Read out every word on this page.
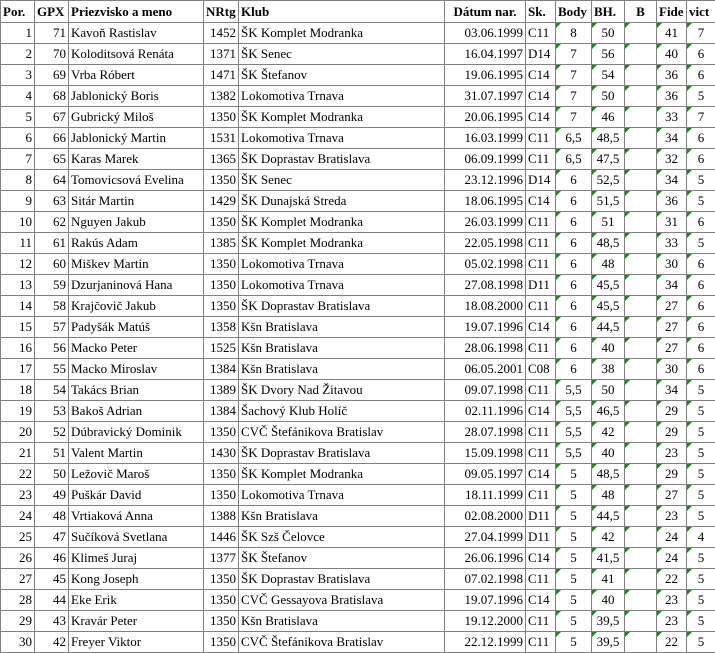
Por.	GPX	Priezvisko a meno	NRtg	Klub	Dátum nar.	Sk.	Body	BH.	B	Fide	vict
1	71	Kavoň Rastislav	1452	ŠK Komplet Modranka	03.06.1999	C11	8	50		41	7
2	70	Koloditsová Renáta	1371	ŠK Senec	16.04.1997	D14	7	56		40	6
3	69	Vrba Róbert	1471	ŠK Štefanov	19.06.1995	C14	7	54		36	6
4	68	Jablonický Boris	1382	Lokomotiva Trnava	31.07.1997	C14	7	50		36	5
5	67	Gubrický Miloš	1350	ŠK Komplet Modranka	20.06.1995	C14	7	46		33	7
6	66	Jablonický Martin	1531	Lokomotiva Trnava	16.03.1999	C11	6,5	48,5		34	6
7	65	Karas Marek	1365	ŠK Doprastav Bratislava	06.09.1999	C11	6,5	47,5		32	6
8	64	Tomovicsová Evelina	1350	ŠK Senec	23.12.1996	D14	6	52,5		34	5
9	63	Sitár Martin	1429	ŠK Dunajská Streda	18.06.1995	C14	6	51,5		36	5
10	62	Nguyen Jakub	1350	ŠK Komplet Modranka	26.03.1999	C11	6	51		31	6
11	61	Rakús Adam	1385	ŠK Komplet Modranka	22.05.1998	C11	6	48,5		33	5
12	60	Miškev Martin	1350	Lokomotiva Trnava	05.02.1998	C11	6	48		30	6
13	59	Dzurjaninová Hana	1350	Lokomotiva Trnava	27.08.1998	D11	6	45,5		34	6
14	58	Krajčovič Jakub	1350	ŠK Doprastav Bratislava	18.08.2000	C11	6	45,5		27	6
15	57	Padyšák Matúš	1358	Kšn Bratislava	19.07.1996	C14	6	44,5		27	6
16	56	Macko Peter	1525	Kšn Bratislava	28.06.1998	C11	6	40		27	6
17	55	Macko Miroslav	1384	Kšn Bratislava	06.05.2001	C08	6	38		30	6
18	54	Takács Brian	1389	ŠK Dvory Nad Žitavou	09.07.1998	C11	5,5	50		34	5
19	53	Bakoš Adrian	1384	Šachový Klub Holíč	02.11.1996	C14	5,5	46,5		29	5
20	52	Dúbravický Dominik	1350	CVČ Štefánikova Bratislav	28.07.1998	C11	5,5	42		29	5
21	51	Valent Martin	1430	ŠK Doprastav Bratislava	15.09.1998	C11	5,5	40		23	5
22	50	Ležovič Maroš	1350	ŠK Komplet Modranka	09.05.1997	C14	5	48,5		29	5
23	49	Puškár David	1350	Lokomotiva Trnava	18.11.1999	C11	5	48		27	5
24	48	Vrtiaková Anna	1388	Kšn Bratislava	02.08.2000	D11	5	44,5		23	5
25	47	Sučíková Svetlana	1446	ŠK Szš Čelovce	27.04.1999	D11	5	42		24	4
26	46	Klimeš Juraj	1377	ŠK Štefanov	26.06.1996	C14	5	41,5		24	5
27	45	Kong Joseph	1350	ŠK Doprastav Bratislava	07.02.1998	C11	5	41		22	5
28	44	Eke Erik	1350	CVČ Gessayova Bratislava	19.07.1996	C14	5	40		23	5
29	43	Kravár Peter	1350	Kšn Bratislava	19.12.2000	C11	5	39,5		23	5
30	42	Freyer Viktor	1350	CVČ Štefánikova Bratislav	22.12.1999	C11	5	39,5		22	5
